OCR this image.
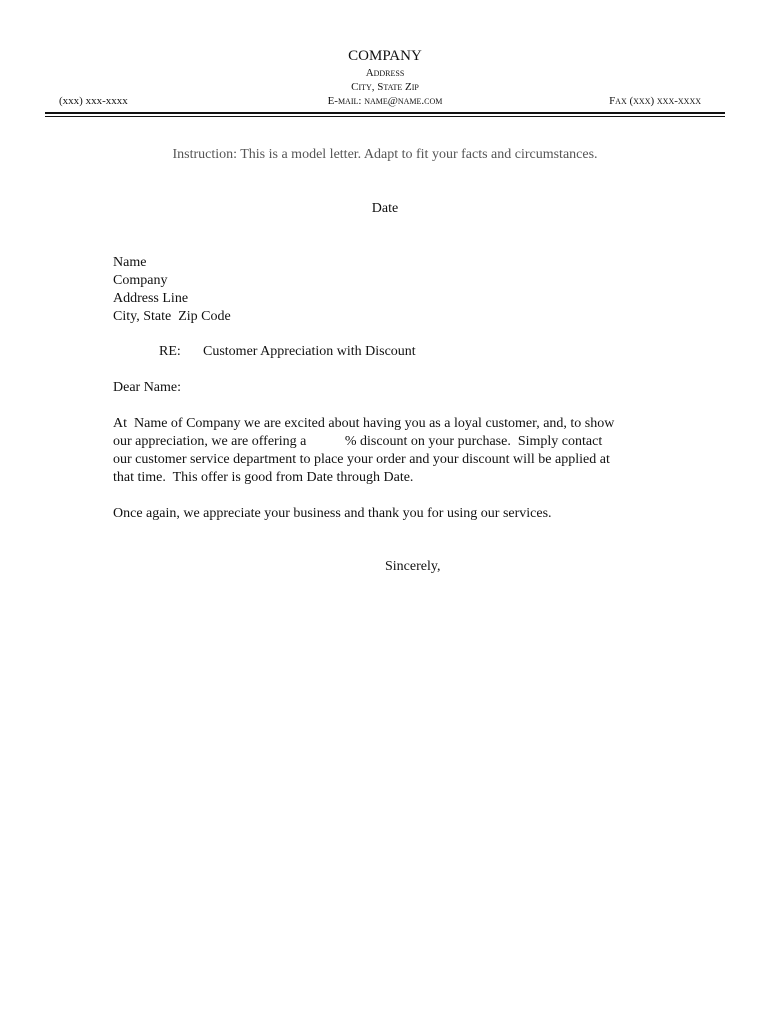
COMPANY
Address
City, State Zip
E-mail: name@name.com
(xxx) xxx-xxxx	Fax (xxx) xxx-xxxx
Instruction: This is a model letter. Adapt to fit your facts and circumstances.
Date
Name
Company
Address Line
City, State  Zip Code
RE: Customer Appreciation with Discount
Dear Name:
At  Name of Company we are excited about having you as a loyal customer, and, to show
our appreciation, we are offering a           % discount on your purchase.  Simply contact
our customer service department to place your order and your discount will be applied at
that time.  This offer is good from Date through Date.
Once again, we appreciate your business and thank you for using our services.
Sincerely,
